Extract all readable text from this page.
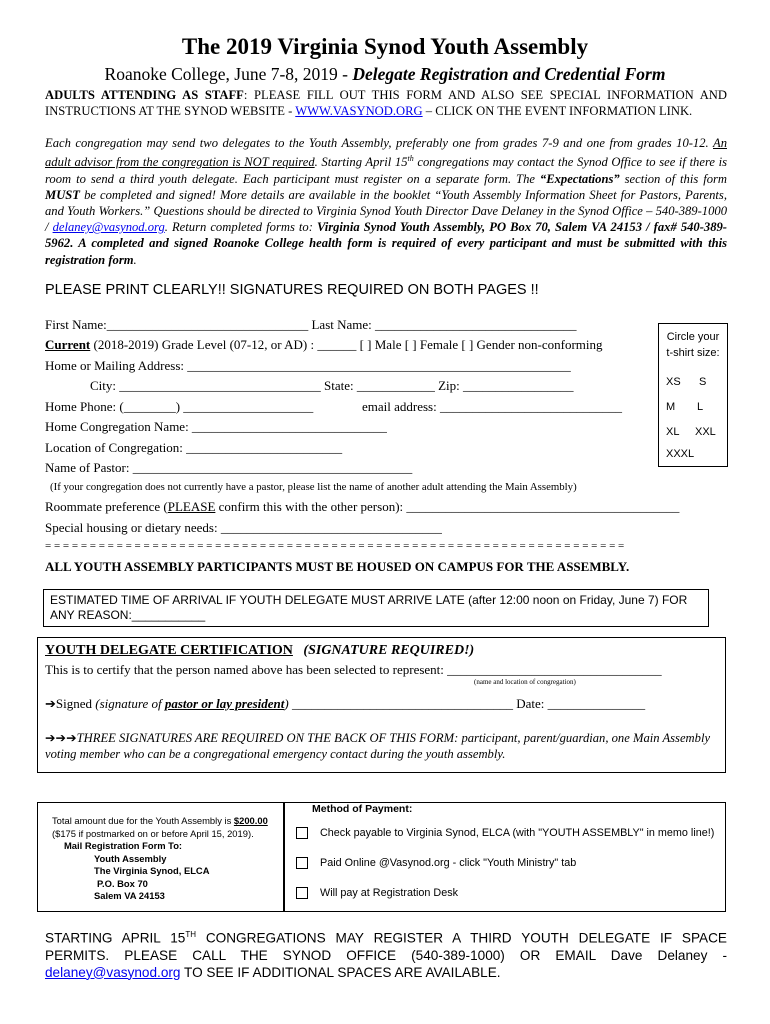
The 2019 Virginia Synod Youth Assembly
Roanoke College, June 7-8, 2019 - Delegate Registration and Credential Form
ADULTS ATTENDING AS STAFF: PLEASE FILL OUT THIS FORM AND ALSO SEE SPECIAL INFORMATION AND INSTRUCTIONS AT THE SYNOD WEBSITE - WWW.VASYNOD.ORG – CLICK ON THE EVENT INFORMATION LINK.
Each congregation may send two delegates to the Youth Assembly, preferably one from grades 7-9 and one from grades 10-12. An adult advisor from the congregation is NOT required. Starting April 15th congregations may contact the Synod Office to see if there is room to send a third youth delegate. Each participant must register on a separate form. The “Expectations” section of this form MUST be completed and signed! More details are available in the booklet “Youth Assembly Information Sheet for Pastors, Parents, and Youth Workers.” Questions should be directed to Virginia Synod Youth Director Dave Delaney in the Synod Office – 540-389-1000 / delaney@vasynod.org. Return completed forms to: Virginia Synod Youth Assembly, PO Box 70, Salem VA 24153 / fax# 540-389-5962. A completed and signed Roanoke College health form is required of every participant and must be submitted with this registration form.
PLEASE PRINT CLEARLY!! SIGNATURES REQUIRED ON BOTH PAGES !!
First Name:_______________________________ Last Name: _______________________________
Current (2018-2019) Grade Level (07-12, or AD) : ______ [ ] Male [ ] Female [ ] Gender non-conforming
Home or Mailing Address: ___________________________________________________________
City: _______________________________ State: ____________ Zip: _________________
Home Phone: (________) ____________________	email address: ____________________________
Home Congregation Name: ______________________________
Location of Congregation: ________________________
Name of Pastor: ___________________________________________
(If your congregation does not currently have a pastor, please list the name of another adult attending the Main Assembly)
Roommate preference (PLEASE confirm this with the other person): __________________________________________
Special housing or dietary needs: __________________________________
= = = = = = = = = = = = = = = = = = = = = = = = = = = = = = = = = = = = = = = = = = = = = = = = = = = = = = = = = = = = = = = = =
Circle your t-shirt size:
XS S
M L
XL XXL
XXXL
ALL YOUTH ASSEMBLY PARTICIPANTS MUST BE HOUSED ON CAMPUS FOR THE ASSEMBLY.
ESTIMATED TIME OF ARRIVAL IF YOUTH DELEGATE MUST ARRIVE LATE (after 12:00 noon on Friday, June 7) FOR ANY REASON:___________
YOUTH DELEGATE CERTIFICATION (SIGNATURE REQUIRED!)
This is to certify that the person named above has been selected to represent: _________________________________
(name and location of congregation)
➔Signed (signature of pastor or lay president) __________________________________ Date: _______________
➔➔➔THREE SIGNATURES ARE REQUIRED ON THE BACK OF THIS FORM: participant, parent/guardian, one Main Assembly voting member who can be a congregational emergency contact during the youth assembly.
Total amount due for the Youth Assembly is $200.00
($175 if postmarked on or before April 15, 2019).
Mail Registration Form To:
Youth Assembly
The Virginia Synod, ELCA
P.O. Box 70
Salem VA 24153
Method of Payment:
Check payable to Virginia Synod, ELCA (with "YOUTH ASSEMBLY" in memo line!)
Paid Online @Vasynod.org - click "Youth Ministry" tab
Will pay at Registration Desk
STARTING APRIL 15TH CONGREGATIONS MAY REGISTER A THIRD YOUTH DELEGATE IF SPACE PERMITS. PLEASE CALL THE SYNOD OFFICE (540-389-1000) OR EMAIL Dave Delaney - delaney@vasynod.org TO SEE IF ADDITIONAL SPACES ARE AVAILABLE.
